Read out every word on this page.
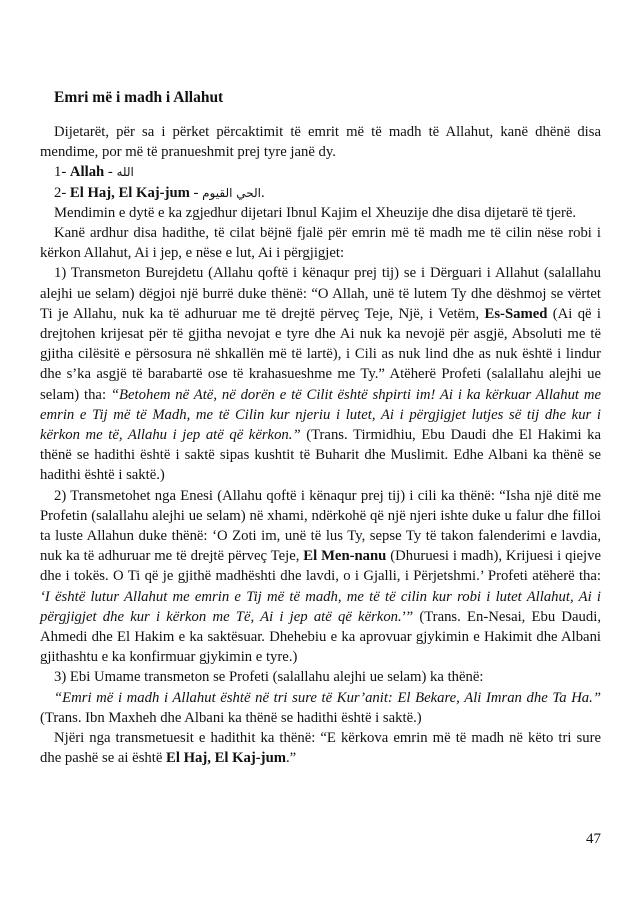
Emri më i madh i Allahut

Dijetarët, për sa i përket përcaktimit të emrit më të madh të Allahut, kanë dhënë disa mendime, por më të pranueshmit prej tyre janë dy.

1- Allah - الله

2- El Haj, El Kaj-jum - الحي القيوم.

Mendimin e dytë e ka zgjedhur dijetari Ibnul Kajim el Xheuzije dhe disa dijetarë të tjerë.

Kanë ardhur disa hadithe, të cilat bëjnë fjalë për emrin më të madh me të cilin nëse robi i kërkon Allahut, Ai i jep, e nëse e lut, Ai i përgjigjet:

1) Transmeton Burejdetu (Allahu qoftë i kënaqur prej tij) se i Dërguari i Allahut (salallahu alejhi ue selam) dëgjoi një burrë duke thënë: “O Allah, unë të lutem Ty dhe dëshmoj se vërtet Ti je Allahu, nuk ka të adhuruar me të drejtë përveç Teje, Një, i Vetëm, Es-Samed (Ai që i drejtohen krijesat për të gjitha nevojat e tyre dhe Ai nuk ka nevojë për asgjë, Absoluti me të gjitha cilësitë e përsosura në shkallën më të lartë), i Cili as nuk lind dhe as nuk është i lindur dhe s’ka asgjë të barabartë ose të krahasueshme me Ty.” Atëherë Profeti (salallahu alejhi ue selam) tha: “Betohem në Atë, në dorën e të Cilit është shpirti im! Ai i ka kërkuar Allahut me emrin e Tij më të Madh, me të Cilin kur njeriu i lutet, Ai i përgjigjet lutjes së tij dhe kur i kërkon me të, Allahu i jep atë që kërkon.” (Trans. Tirmidhiu, Ebu Daudi dhe El Hakimi ka thënë se hadithi është i saktë sipas kushtit të Buharit dhe Muslimit. Edhe Albani ka thënë se hadithi është i saktë.)

2) Transmetohet nga Enesi (Allahu qoftë i kënaqur prej tij) i cili ka thënë: “Isha një ditë me Profetin (salallahu alejhi ue selam) në xhami, ndërkohë që një njeri ishte duke u falur dhe filloi ta luste Allahun duke thënë: ‘O Zoti im, unë të lus Ty, sepse Ty të takon falenderimi e lavdia, nuk ka të adhuruar me të drejtë përveç Teje, El Men-nanu (Dhuruesi i madh), Krijuesi i qiejve dhe i tokës. O Ti që je gjithë madhështi dhe lavdi, o i Gjalli, i Përjetshmi.’ Profeti atëherë tha: ‘I është lutur Allahut me emrin e Tij më të madh, me të të cilin kur robi i lutet Allahut, Ai i përgjigjet dhe kur i kërkon me Të, Ai i jep atë që kërkon.’” (Trans. En-Nesai, Ebu Daudi, Ahmedi dhe El Hakim e ka saktësuar. Dhehebiu e ka aprovuar gjykimin e Hakimit dhe Albani gjithashtu e ka konfirmuar gjykimin e tyre.)

3) Ebi Umame transmeton se Profeti (salallahu alejhi ue selam) ka thënë:

“Emri më i madh i Allahut është në tri sure të Kur’anit: El Bekare, Ali Imran dhe Ta Ha.” (Trans. Ibn Maxheh dhe Albani ka thënë se hadithi është i saktë.)

Njëri nga transmetuesit e hadithit ka thënë: “E kërkova emrin më të madh në këto tri sure dhe pashë se ai është El Haj, El Kaj-jum.”

47
